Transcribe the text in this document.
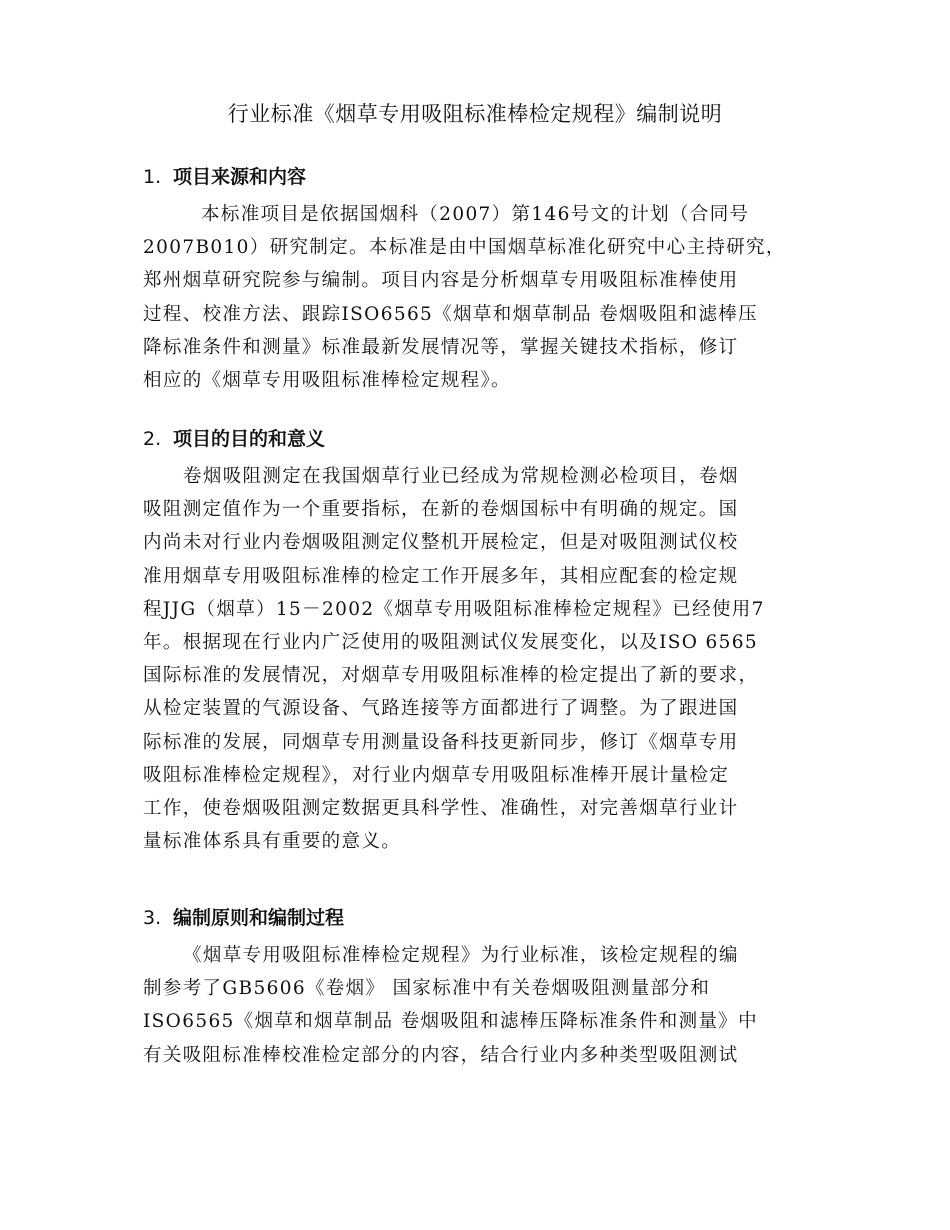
行业标准《烟草专用吸阻标准棒检定规程》编制说明
1. 项目来源和内容
本标准项目是依据国烟科（2007）第146号文的计划（合同号
2007B010）研究制定。本标准是由中国烟草标准化研究中心主持研究，
郑州烟草研究院参与编制。项目内容是分析烟草专用吸阻标准棒使用
过程、校准方法、跟踪ISO6565《烟草和烟草制品 卷烟吸阻和滤棒压
降标准条件和测量》标准最新发展情况等，掌握关键技术指标，修订
相应的《烟草专用吸阻标准棒检定规程》。
2. 项目的目的和意义
卷烟吸阻测定在我国烟草行业已经成为常规检测必检项目，卷烟
吸阻测定值作为一个重要指标，在新的卷烟国标中有明确的规定。国
内尚未对行业内卷烟吸阻测定仪整机开展检定，但是对吸阻测试仪校
准用烟草专用吸阻标准棒的检定工作开展多年，其相应配套的检定规
程JJG（烟草）15－2002《烟草专用吸阻标准棒检定规程》已经使用7
年。根据现在行业内广泛使用的吸阻测试仪发展变化，以及ISO 6565
国际标准的发展情况，对烟草专用吸阻标准棒的检定提出了新的要求，
从检定装置的气源设备、气路连接等方面都进行了调整。为了跟进国
际标准的发展，同烟草专用测量设备科技更新同步，修订《烟草专用
吸阻标准棒检定规程》，对行业内烟草专用吸阻标准棒开展计量检定
工作，使卷烟吸阻测定数据更具科学性、准确性，对完善烟草行业计
量标准体系具有重要的意义。
3. 编制原则和编制过程
《烟草专用吸阻标准棒检定规程》为行业标准，该检定规程的编
制参考了GB5606《卷烟》 国家标准中有关卷烟吸阻测量部分和
ISO6565《烟草和烟草制品 卷烟吸阻和滤棒压降标准条件和测量》中
有关吸阻标准棒校准检定部分的内容，结合行业内多种类型吸阻测试
